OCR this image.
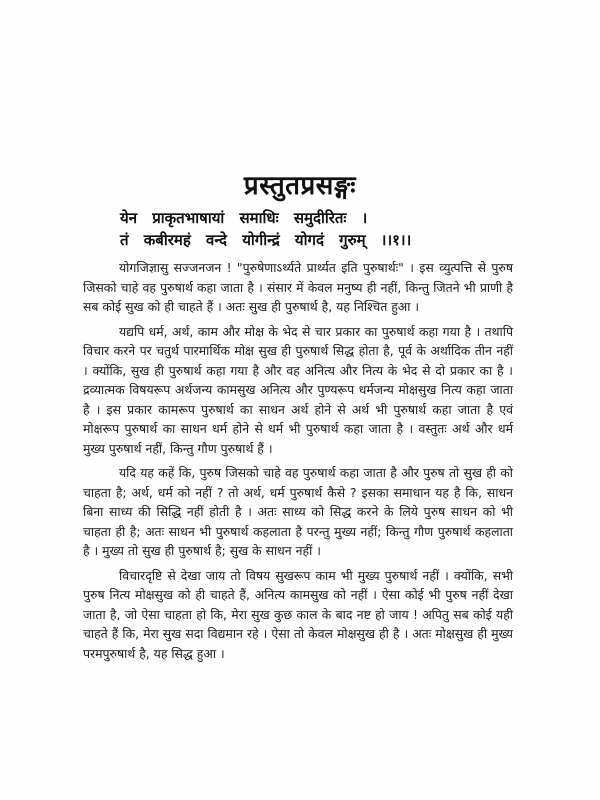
प्रस्तुतप्रसङ्गः
येन प्राकृतभाषायां समाधिः समुदीरितः ।
तं कबीरमहं वन्दे योगीन्द्रं योगदं गुरुम् ।।१।।

योगजिज्ञासु सज्जनजन ! "पुरुषेणाऽर्थ्यते प्रार्थ्यत इति पुरुषार्थः" । इस व्युत्पत्ति से पुरुष जिसको चाहे वह पुरुषार्थ कहा जाता है । संसार में केवल मनुष्य ही नहीं, किन्तु जितने भी प्राणी है सब कोई सुख को ही चाहते हैं । अतः सुख ही पुरुषार्थ है, यह निश्चित हुआ ।

यद्यपि धर्म, अर्थ, काम और मोक्ष के भेद से चार प्रकार का पुरुषार्थ कहा गया है । तथापि विचार करने पर चतुर्थ पारमार्थिक मोक्ष सुख ही पुरुषार्थ सिद्ध होता है, पूर्व के अर्थादिक तीन नहीं । क्योंकि, सुख ही पुरुषार्थ कहा गया है और वह अनित्य और नित्य के भेद से दो प्रकार का है । द्रव्यात्मक विषयरूप अर्थजन्य कामसुख अनित्य और पुण्यरूप धर्मजन्य मोक्षसुख नित्य कहा जाता है । इस प्रकार कामरूप पुरुषार्थ का साधन अर्थ होने से अर्थ भी पुरुषार्थ कहा जाता है एवं मोक्षरूप पुरुषार्थ का साधन धर्म होने से धर्म भी पुरुषार्थ कहा जाता है । वस्तुतः अर्थ और धर्म मुख्य पुरुषार्थ नहीं, किन्तु गौण पुरुषार्थ हैं ।

यदि यह कहें कि, पुरुष जिसको चाहे वह पुरुषार्थ कहा जाता है और पुरुष तो सुख ही को चाहता है; अर्थ, धर्म को नहीं ? तो अर्थ, धर्म पुरुषार्थ कैसे ? इसका समाधान यह है कि, साधन बिना साध्य की सिद्धि नहीं होती है । अतः साध्य को सिद्ध करने के लिये पुरुष साधन को भी चाहता ही है; अतः साधन भी पुरुषार्थ कहलाता है परन्तु मुख्य नहीं; किन्तु गौण पुरुषार्थ कहलाता है । मुख्य तो सुख ही पुरुषार्थ है; सुख के साधन नहीं ।

विचारदृष्टि से देखा जाय तो विषय सुखरूप काम भी मुख्य पुरुषार्थ नहीं । क्योंकि, सभी पुरुष नित्य मोक्षसुख को ही चाहते हैं, अनित्य कामसुख को नहीं । ऐसा कोई भी पुरुष नहीं देखा जाता है, जो ऐसा चाहता हो कि, मेरा सुख कुछ काल के बाद नष्ट हो जाय ! अपितु सब कोई यही चाहते हैं कि, मेरा सुख सदा विद्यमान रहे । ऐसा तो केवल मोक्षसुख ही है । अतः मोक्षसुख ही मुख्य परमपुरुषार्थ है, यह सिद्ध हुआ ।
